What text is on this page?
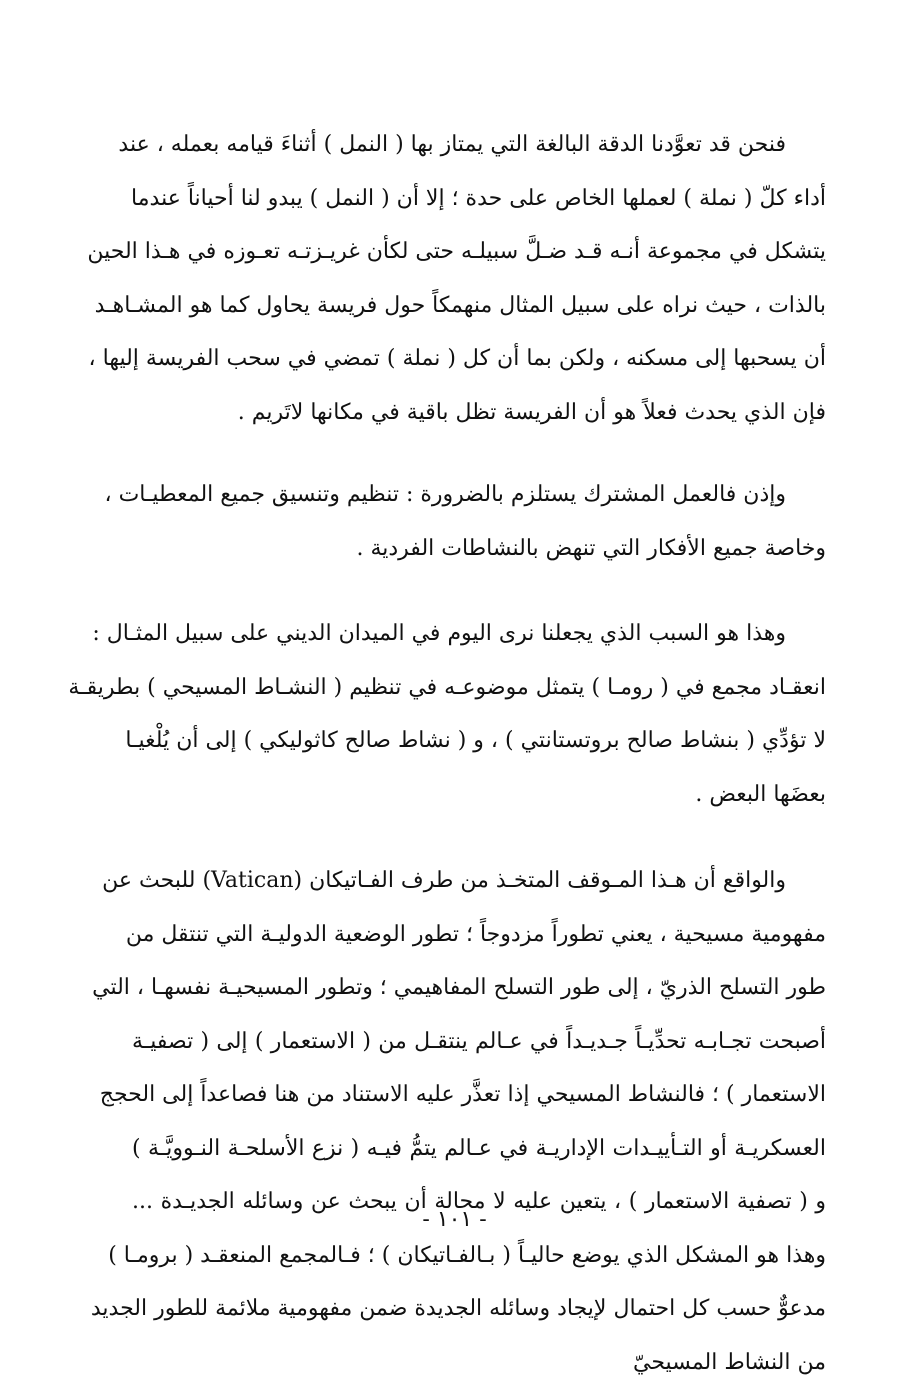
فنحن قد تعوَّدنا الدقة البالغة التي يمتاز بها ( النمل ) أثناءَ قيامه بعمله ، عند
أداء كلّ ( نملة ) لعملها الخاص على حدة ؛ إلا أن ( النمل ) يبدو لنا أحياناً عندما
يتشكل في مجموعة أنـه قـد ضـلَّ سبيلـه حتى لكأن غريـزتـه تعـوزه في هـذا الحين
بالذات ، حيث نراه على سبيل المثال منهمكاً حول فريسة يحاول كما هو المشـاهـد
أن يسحبها إلى مسكنه ، ولكن بما أن كل ( نملة ) تمضي في سحب الفريسة إليها ،
فإن الذي يحدث فعلاً هو أن الفريسة تظل باقية في مكانها لاتَريم .

وإذن فالعمل المشترك يستلزم بالضرورة : تنظيم وتنسيق جميع المعطيـات ،
وخاصة جميع الأفكار التي تنهض بالنشاطات الفردية .

وهذا هو السبب الذي يجعلنا نرى اليوم في الميدان الديني على سبيل المثـال :
انعقـاد مجمع في ( رومـا ) يتمثل موضوعـه في تنظيم ( النشـاط المسيحي ) بطريقـة
لا تؤدِّي ( بنشاط صالح بروتستانتي ) ، و ( نشاط صالح كاثوليكي ) إلى أن يُلْغيـا
بعضَها البعض .

والواقع أن هـذا المـوقف المتخـذ من طرف الفـاتيكان (Vatican) للبحث عن
مفهومية مسيحية ، يعني تطوراً مزدوجاً ؛ تطور الوضعية الدوليـة التي تنتقل من
طور التسلح الذريّ ، إلى طور التسلح المفاهيمي ؛ وتطور المسيحيـة نفسهـا ، التي
أصبحت تجـابـه تحدِّيـاً جـديـداً في عـالم ينتقـل من ( الاستعمار ) إلى ( تصفيـة
الاستعمار ) ؛ فالنشاط المسيحي إذا تعذَّر عليه الاستناد من هنا فصاعداً إلى الحجج
العسكريـة أو التـأييـدات الإداريـة في عـالم يتمُّ فيـه ( نزع الأسلحـة النـوويَّـة )
و ( تصفية الاستعمار ) ، يتعين عليه لا محالة أن يبحث عن وسائله الجديـدة ...
وهذا هو المشكل الذي يوضع حاليـاً ( بـالفـاتيكان ) ؛ فـالمجمع المنعقـد ( برومـا )
مدعوٌّ حسب كل احتمال لإيجاد وسائله الجديدة ضمن مفهومية ملائمة للطور الجديد
من النشاط المسيحيّ

- ١٠١ -
